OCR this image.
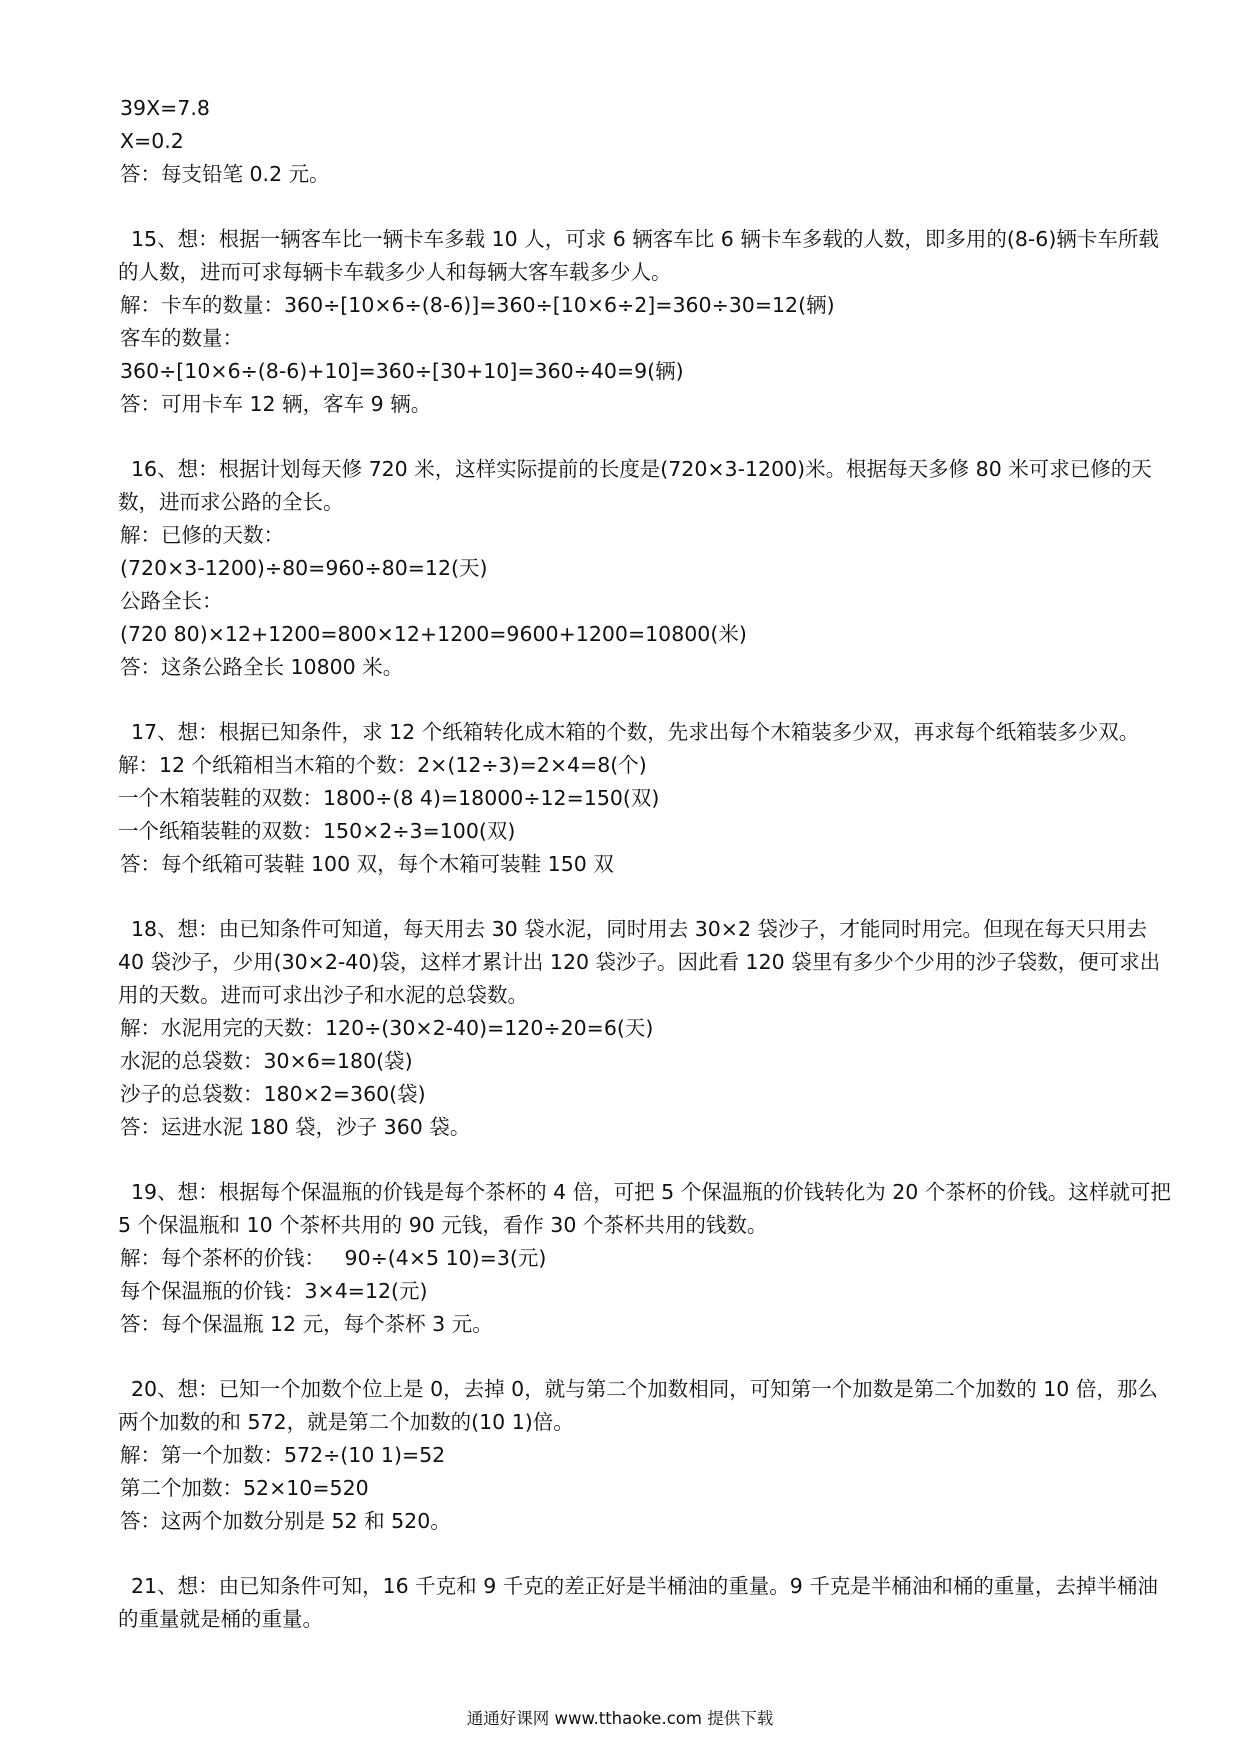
39X=7.8

X=0.2

答：每支铅笔 0.2 元。

15、想：根据一辆客车比一辆卡车多载 10 人，可求 6 辆客车比 6 辆卡车多载的人数，即多用的(8-6)辆卡车所载的人数，进而可求每辆卡车载多少人和每辆大客车载多少人。

解：卡车的数量：360÷[10×6÷(8-6)]=360÷[10×6÷2]=360÷30=12(辆)

客车的数量：

360÷[10×6÷(8-6)+10]=360÷[30+10]=360÷40=9(辆)

答：可用卡车 12 辆，客车 9 辆。

16、想：根据计划每天修 720 米，这样实际提前的长度是(720×3-1200)米。根据每天多修 80 米可求已修的天数，进而求公路的全长。

解：已修的天数：

(720×3-1200)÷80=960÷80=12(天)

公路全长：

(720 80)×12+1200=800×12+1200=9600+1200=10800(米)

答：这条公路全长 10800 米。

17、想：根据已知条件，求 12 个纸箱转化成木箱的个数，先求出每个木箱装多少双，再求每个纸箱装多少双。

解：12 个纸箱相当木箱的个数：2×(12÷3)=2×4=8(个)

一个木箱装鞋的双数：1800÷(8 4)=18000÷12=150(双)

一个纸箱装鞋的双数：150×2÷3=100(双)

答：每个纸箱可装鞋 100 双，每个木箱可装鞋 150 双

18、想：由已知条件可知道，每天用去 30 袋水泥，同时用去 30×2 袋沙子，才能同时用完。但现在每天只用去 40 袋沙子，少用(30×2-40)袋，这样才累计出 120 袋沙子。因此看 120 袋里有多少个少用的沙子袋数，便可求出用的天数。进而可求出沙子和水泥的总袋数。

解：水泥用完的天数：120÷(30×2-40)=120÷20=6(天)

水泥的总袋数：30×6=180(袋)

沙子的总袋数：180×2=360(袋)

答：运进水泥 180 袋，沙子 360 袋。

19、想：根据每个保温瓶的价钱是每个茶杯的 4 倍，可把 5 个保温瓶的价钱转化为 20 个茶杯的价钱。这样就可把 5 个保温瓶和 10 个茶杯共用的 90 元钱，看作 30 个茶杯共用的钱数。

解：每个茶杯的价钱：   90÷(4×5 10)=3(元)

每个保温瓶的价钱：3×4=12(元)

答：每个保温瓶 12 元，每个茶杯 3 元。

20、想：已知一个加数个位上是 0，去掉 0，就与第二个加数相同，可知第一个加数是第二个加数的 10 倍，那么两个加数的和 572，就是第二个加数的(10 1)倍。

解：第一个加数：572÷(10 1)=52

第二个加数：52×10=520

答：这两个加数分别是 52 和 520。

21、想：由已知条件可知，16 千克和 9 千克的差正好是半桶油的重量。9 千克是半桶油和桶的重量，去掉半桶油的重量就是桶的重量。

通通好课网 www.tthaoke.com 提供下载
